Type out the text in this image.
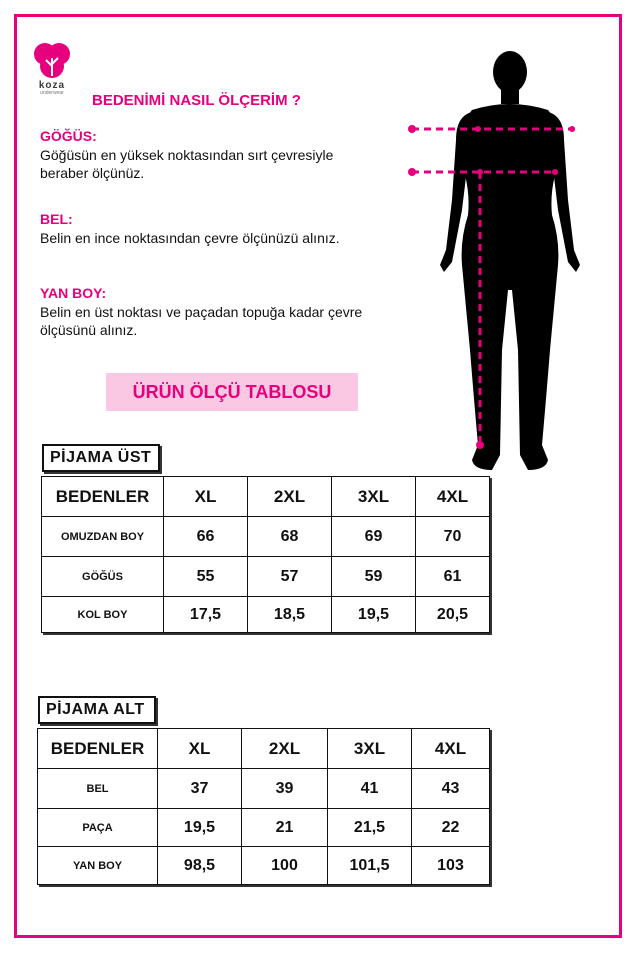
koza
underwear	BEDENİMİ NASIL ÖLÇERİM ?
GÖĞÜS:
Göğüsün en yüksek noktasından sırt çevresiyle beraber ölçünüz.
BEL:
Belin en ince noktasından çevre ölçünüzü alınız.
YAN BOY:
Belin en üst noktası ve paçadan topuğa kadar çevre ölçüsünü alınız.
ÜRÜN ÖLÇÜ TABLOSU
PİJAMA ÜST
BEDENLER	XL	2XL	3XL	4XL
OMUZDAN BOY	66	68	69	70
GÖĞÜS	55	57	59	61
KOL BOY	17,5	18,5	19,5	20,5
PİJAMA ALT
BEDENLER	XL	2XL	3XL	4XL
BEL	37	39	41	43
PAÇA	19,5	21	21,5	22
YAN BOY	98,5	100	101,5	103
